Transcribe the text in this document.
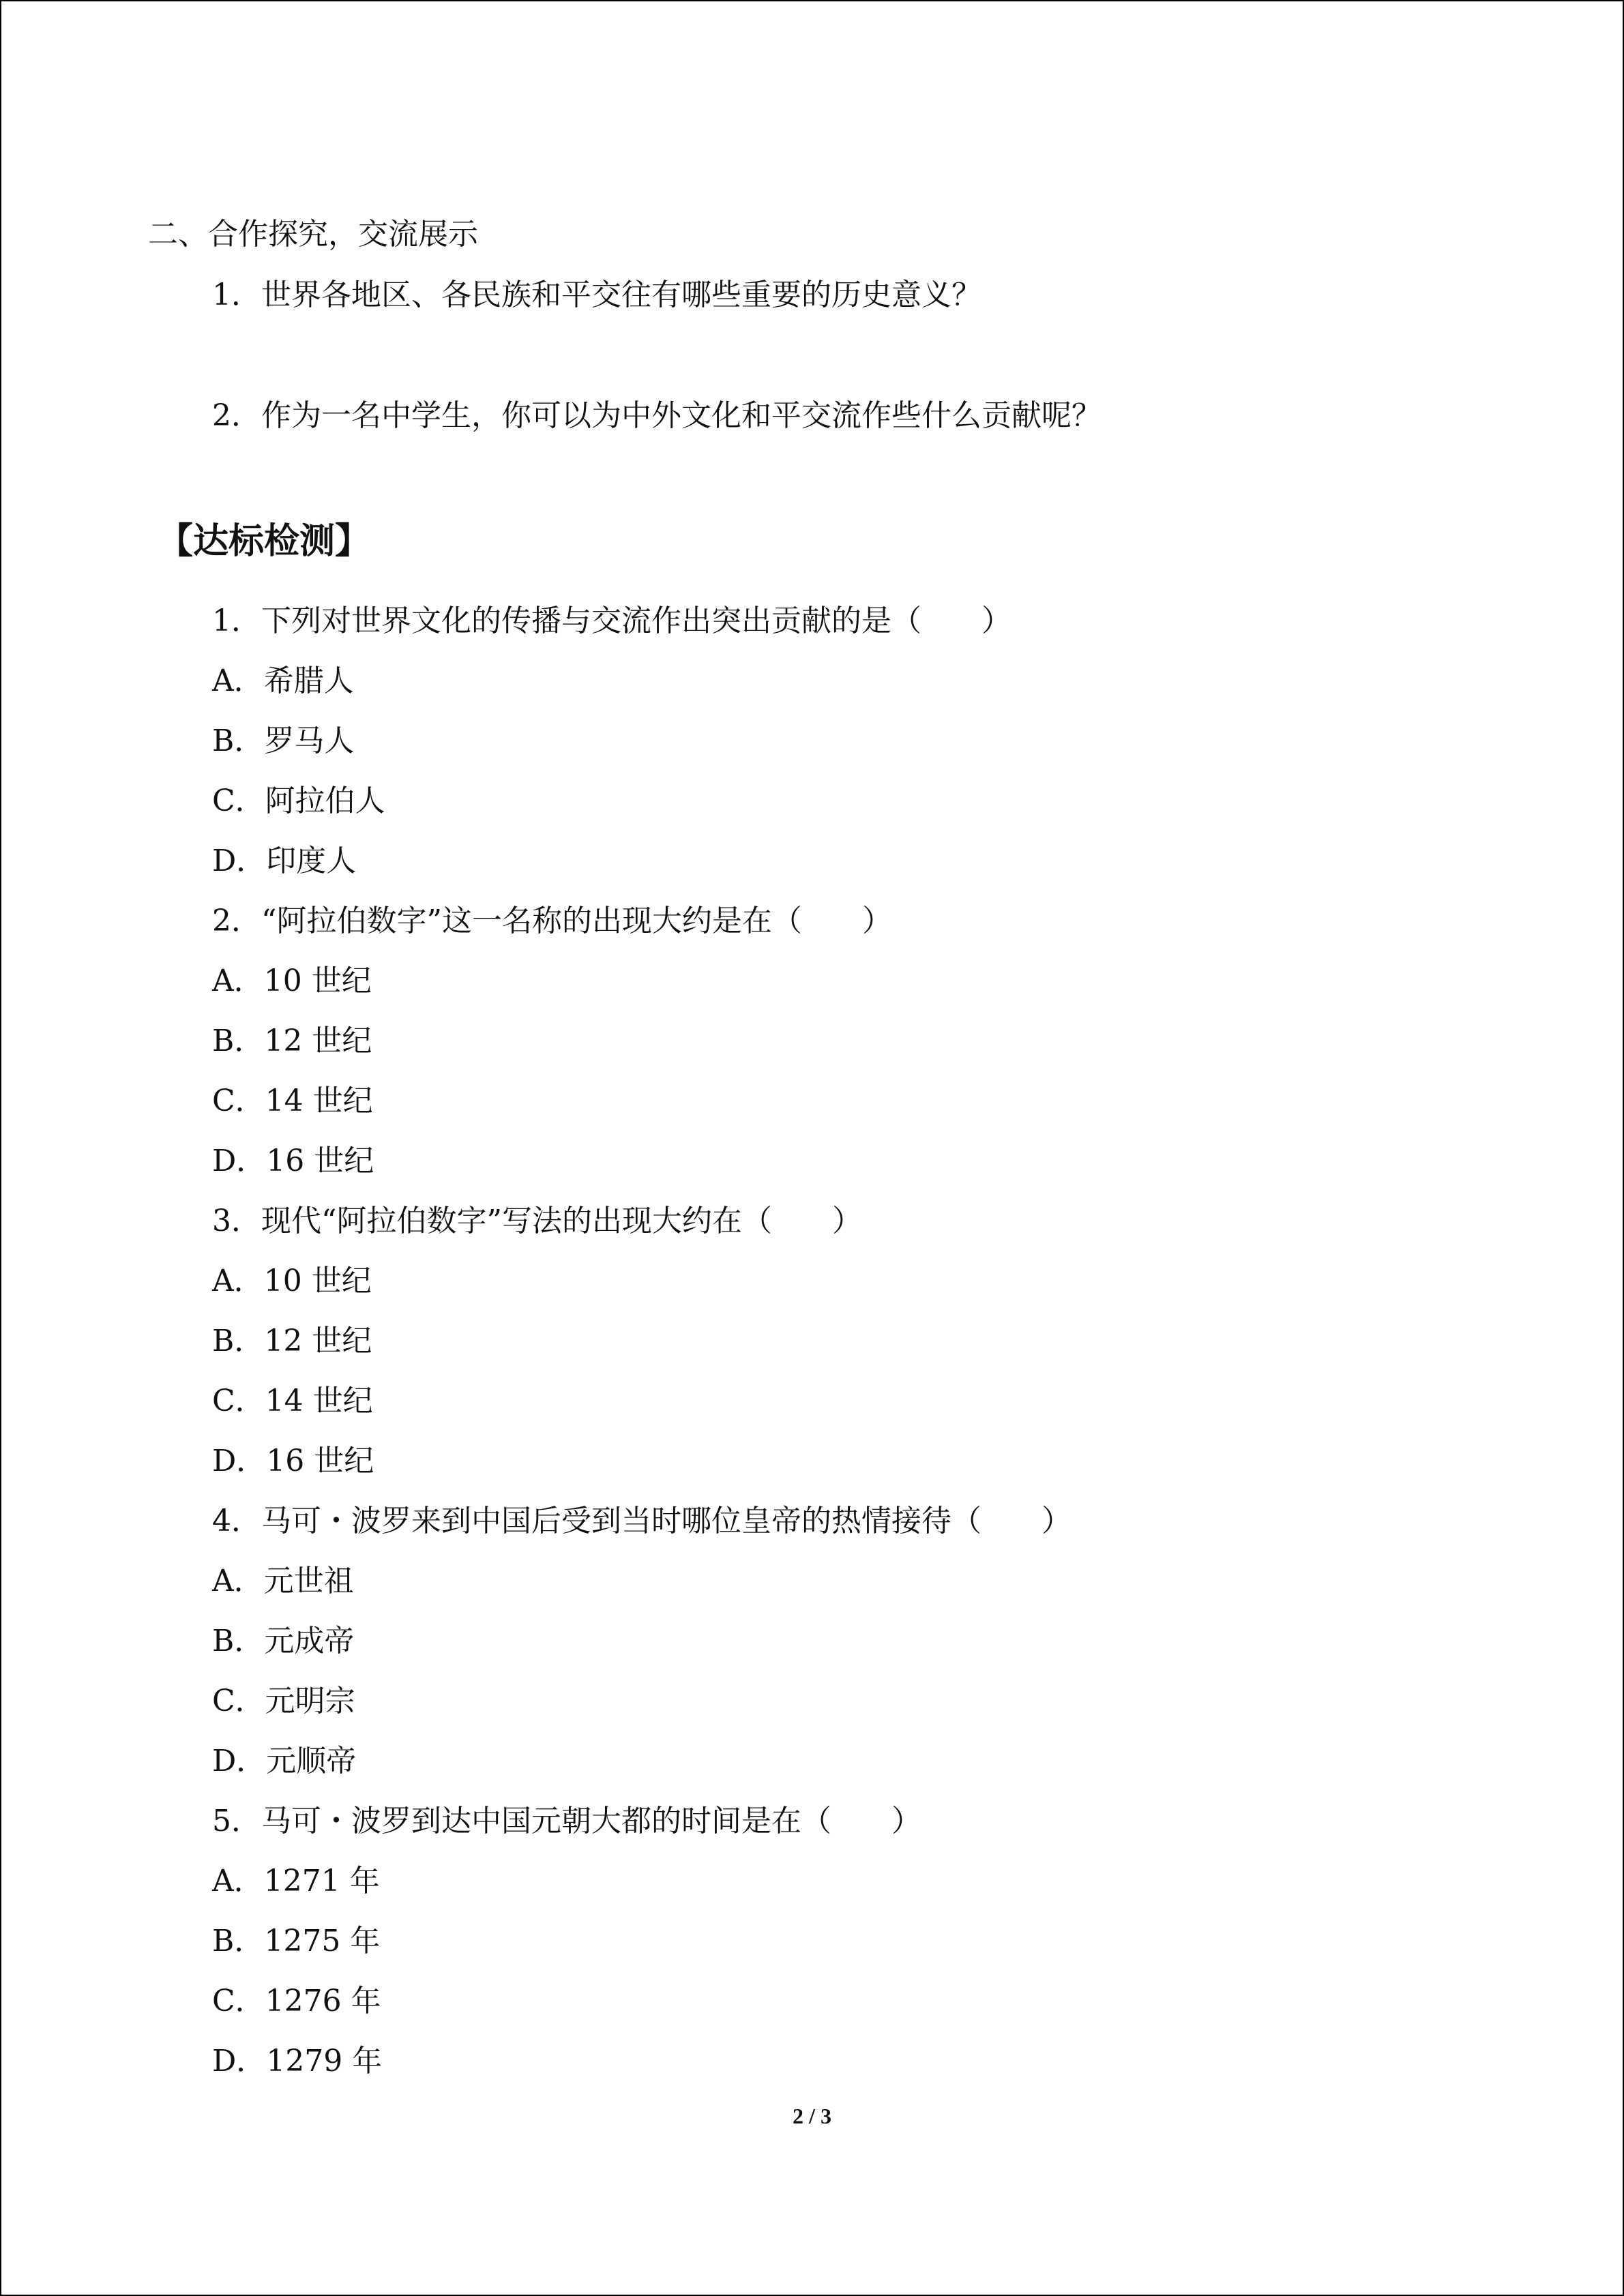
二、合作探究，交流展示
1．世界各地区、各民族和平交往有哪些重要的历史意义？
2．作为一名中学生，你可以为中外文化和平交流作些什么贡献呢？
【达标检测】
1．下列对世界文化的传播与交流作出突出贡献的是（　　）
A．希腊人
B．罗马人
C．阿拉伯人
D．印度人
2．“阿拉伯数字”这一名称的出现大约是在（　　）
A．10 世纪
B．12 世纪
C．14 世纪
D．16 世纪
3．现代“阿拉伯数字”写法的出现大约在（　　）
A．10 世纪
B．12 世纪
C．14 世纪
D．16 世纪
4．马可・波罗来到中国后受到当时哪位皇帝的热情接待（　　）
A．元世祖
B．元成帝
C．元明宗
D．元顺帝
5．马可・波罗到达中国元朝大都的时间是在（　　）
A．1271 年
B．1275 年
C．1276 年
D．1279 年
2 / 3
